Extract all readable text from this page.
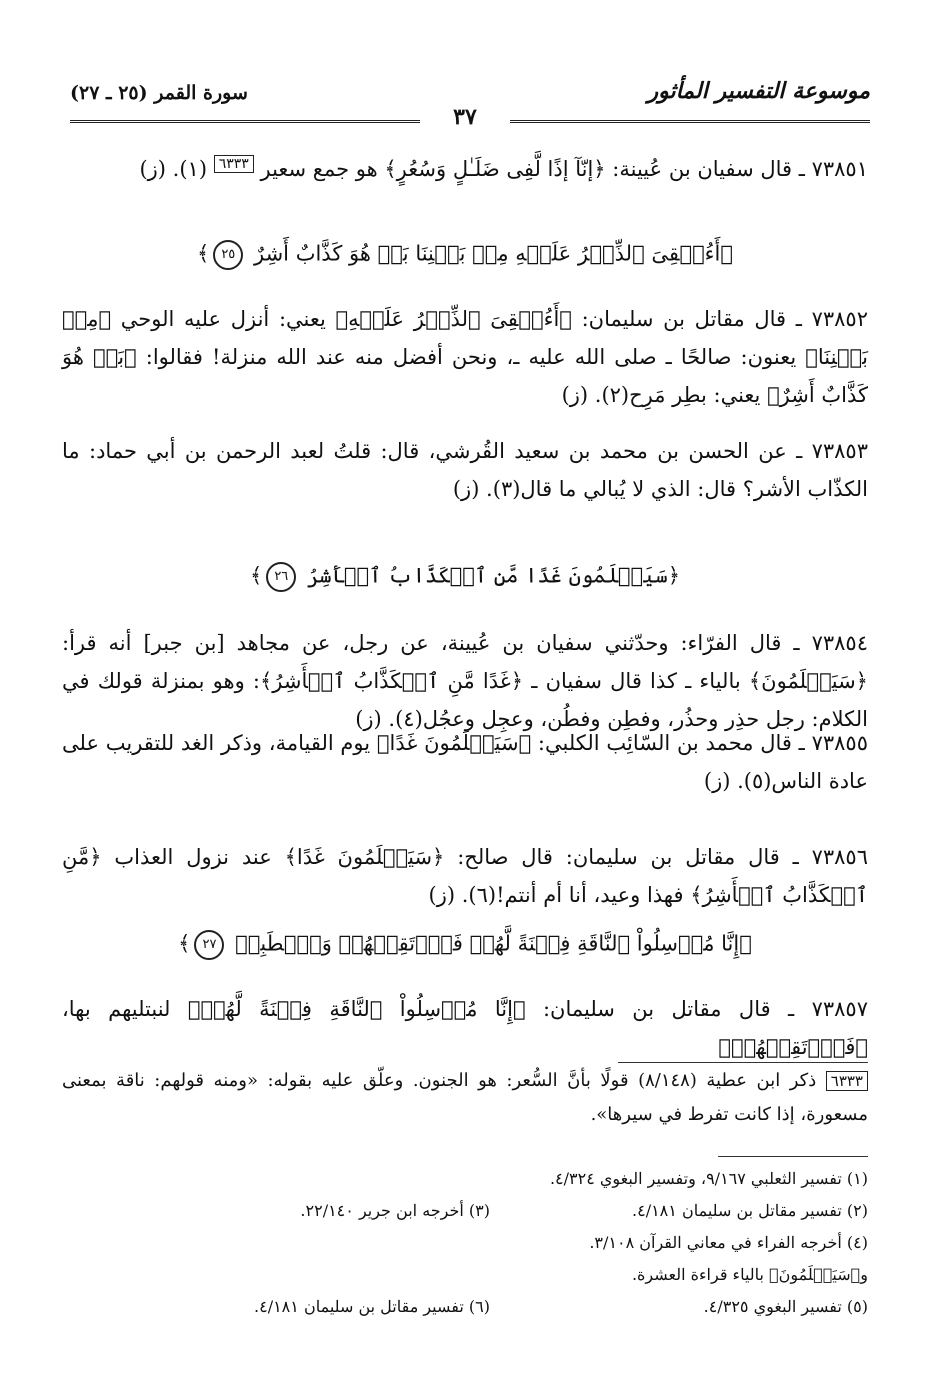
موسوعة التفسير المأثور
سورة القمر (٢٥ ـ ٢٧)
٣٧
٧٣٨٥١ ـ قال سفيان بن عُيينة: ﴿إنّآ إذًا لَّفِى ضَلَـٰلٍ وَسُعُرٍ﴾ هو جمع سعير ٦٣٣٣ (١). (ز)
﴿أَءُلۡقِىَ ٱلذِّكۡرُ عَلَيۡهِ مِنۢ بَيۡنِنَا بَلۡ هُوَ كَذَّابٌ أَشِرٌ ٢٥﴾
٧٣٨٥٢ ـ قال مقاتل بن سليمان: ﴿أَءُلۡقِىَ ٱلذِّكۡرُ عَلَيۡهِ﴾ يعني: أنزل عليه الوحي ﴿مِنۢ بَيۡنِنَا﴾ يعنون: صالحًا ـ صلى الله عليه ـ، ونحن أفضل منه عند الله منزلة! فقالوا: ﴿بَلۡ هُوَ كَذَّابٌ أَشِرٌ﴾ يعني: بطِر مَرِح(٢). (ز)
٧٣٨٥٣ ـ عن الحسن بن محمد بن سعيد القُرشي، قال: قلتُ لعبد الرحمن بن أبي حماد: ما الكذّاب الأشر؟ قال: الذي لا يُبالي ما قال(٣). (ز)
﴿سَيَعۡلَمُونَ غَدًا مَّنِ ٱلۡكَذَّابُ ٱلۡأَشِرُ ٢٦﴾
٧٣٨٥٤ ـ قال الفرّاء: وحدّثني سفيان بن عُيينة، عن رجل، عن مجاهد [بن جبر] أنه قرأ: ﴿سَيَعۡلَمُونَ﴾ بالياء ـ كذا قال سفيان ـ ﴿غَدًا مَّنِ ٱلۡكَذَّابُ ٱلۡأَشِرُ﴾: وهو بمنزلة قولك في الكلام: رجل حذِر وحذُر، وفطِن وفطُن، وعجِل وعجُل(٤). (ز)
٧٣٨٥٥ ـ قال محمد بن السّائِب الكلبي: ﴿سَيَعۡلَمُونَ غَدًا﴾ يوم القيامة، وذكر الغد للتقريب على عادة الناس(٥). (ز)
٧٣٨٥٦ ـ قال مقاتل بن سليمان: قال صالح: ﴿سَيَعۡلَمُونَ غَدًا﴾ عند نزول العذاب ﴿مَّنِ ٱلۡكَذَّابُ ٱلۡأَشِرُ﴾ فهذا وعيد، أنا أم أنتم!(٦). (ز)
﴿إِنَّا مُرۡسِلُواْ ٱلنَّاقَةِ فِتۡنَةً لَّهُمۡ فَٱرۡتَقِبۡهُمۡ وَٱصۡطَبِرۡ ٢٧﴾
٧٣٨٥٧ ـ قال مقاتل بن سليمان: ﴿إِنَّا مُرۡسِلُواْ ٱلنَّاقَةِ فِتۡنَةً لَّهُمۡ﴾ لنبتليهم بها، ﴿فَٱرۡتَقِبۡهُمۡ﴾
٦٣٣٣ ذكر ابن عطية (٨/١٤٨) قولًا بأنَّ السُّعر: هو الجنون. وعلّق عليه بقوله: «ومنه قولهم: ناقة بمعنى مسعورة، إذا كانت تفرط في سيرها».
(١) تفسير الثعلبي ٩/١٦٧، وتفسير البغوي ٤/٣٢٤.
(٢) تفسير مقاتل بن سليمان ٤/١٨١.
(٣) أخرجه ابن جرير ٢٢/١٤٠.
(٤) أخرجه الفراء في معاني القرآن ٣/١٠٨.
و﴿سَيَعۡلَمُونَ﴾ بالياء قراءة العشرة.
(٥) تفسير البغوي ٤/٣٢٥.
(٦) تفسير مقاتل بن سليمان ٤/١٨١.
